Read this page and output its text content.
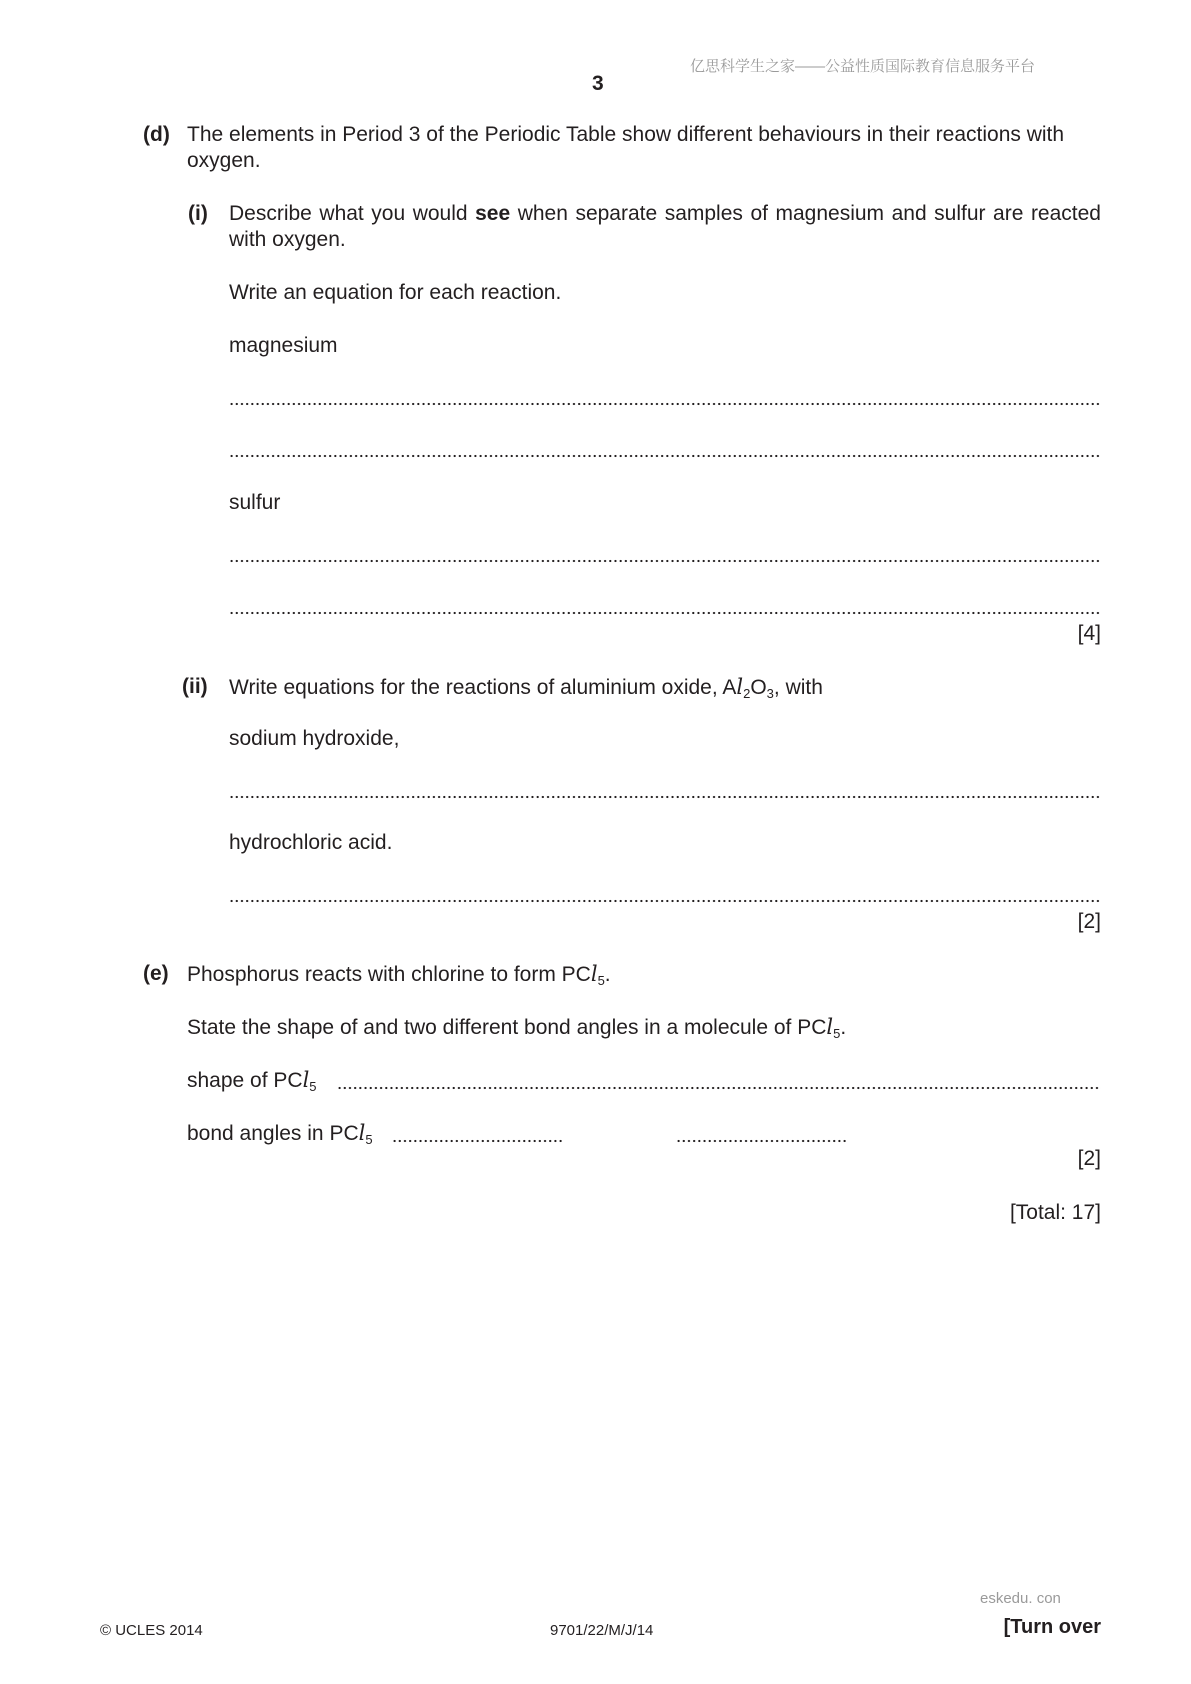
亿思科学生之家——公益性质国际教育信息服务平台
3
(d) The elements in Period 3 of the Periodic Table show different behaviours in their reactions with oxygen.
(i) Describe what you would see when separate samples of magnesium and sulfur are reacted with oxygen.
Write an equation for each reaction.
magnesium
sulfur
[4]
(ii) Write equations for the reactions of aluminium oxide, $Al_2O_3$, with
sodium hydroxide,
hydrochloric acid.
[2]
(e) Phosphorus reacts with chlorine to form PCl$_5$.
State the shape of and two different bond angles in a molecule of PCl$_5$.
shape of PCl$_5$
bond angles in PCl$_5$
[2]
[Total: 17]
eskedu. con
© UCLES 2014	9701/22/M/J/14	[Turn over
